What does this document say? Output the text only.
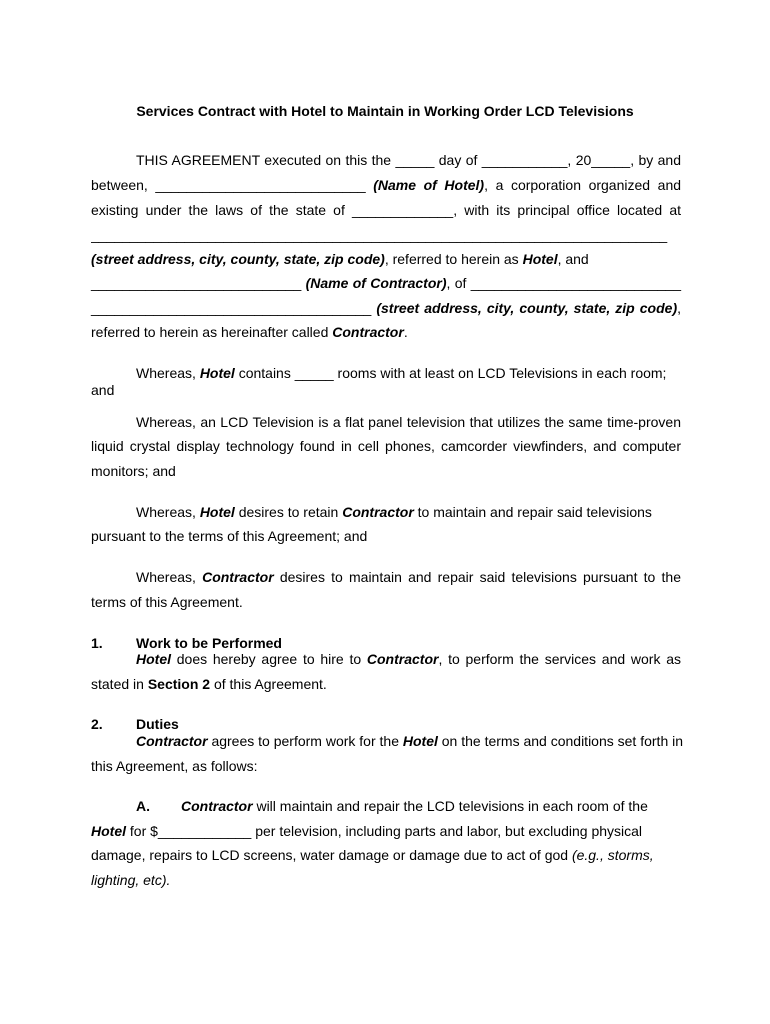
Services Contract with Hotel to Maintain in Working Order LCD Televisions

THIS AGREEMENT executed on this the _____ day of ___________, 20_____, by and

between, ___________________________ (Name of Hotel), a corporation organized and

existing under the laws of the state of _____________, with its principal office located at

__________________________________________________________________________

(street address, city, county, state, zip code), referred to herein as Hotel, and

___________________________ (Name of Contractor), of ___________________________

____________________________________ (street address, city, county, state, zip code),

referred to herein as hereinafter called Contractor.

Whereas, Hotel contains _____ rooms with at least on LCD Televisions in each room;

and

Whereas, an LCD Television is a flat panel television that utilizes the same time-proven

liquid crystal display technology found in cell phones, camcorder viewfinders, and computer

monitors; and

Whereas, Hotel desires to retain Contractor to maintain and repair said televisions

pursuant to the terms of this Agreement; and

Whereas, Contractor desires to maintain and repair said televisions pursuant to the

terms of this Agreement.

1. Work to be Performed

Hotel does hereby agree to hire to Contractor, to perform the services and work as

stated in Section 2 of this Agreement.

2. Duties

Contractor agrees to perform work for the Hotel on the terms and conditions set forth in

this Agreement, as follows:

A. Contractor will maintain and repair the LCD televisions in each room of the

Hotel for $____________ per television, including parts and labor, but excluding physical

damage, repairs to LCD screens, water damage or damage due to act of god (e.g., storms,

lighting, etc).
